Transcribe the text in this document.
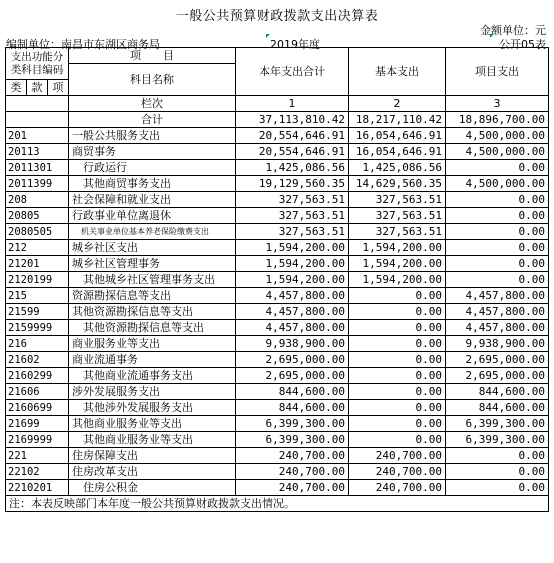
一般公共预算财政拨款支出决算表
金额单位：元
编制单位：南昌市东湖区商务局	2019年度	公开05表
支出功能分类科目编码			项　　目	本年支出合计	基本支出	项目支出
			科目名称			
类	款	项				
			栏次	1	2	3
			合计	37,113,810.42	18,217,110.42	18,896,700.00
201			一般公共服务支出	20,554,646.91	16,054,646.91	4,500,000.00
20113			商贸事务	20,554,646.91	16,054,646.91	4,500,000.00
2011301			行政运行	1,425,086.56	1,425,086.56	0.00
2011399			其他商贸事务支出	19,129,560.35	14,629,560.35	4,500,000.00
208			社会保障和就业支出	327,563.51	327,563.51	0.00
20805			行政事业单位离退休	327,563.51	327,563.51	0.00
2080505			机关事业单位基本养老保险缴费支出	327,563.51	327,563.51	0.00
212			城乡社区支出	1,594,200.00	1,594,200.00	0.00
21201			城乡社区管理事务	1,594,200.00	1,594,200.00	0.00
2120199			其他城乡社区管理事务支出	1,594,200.00	1,594,200.00	0.00
215			资源勘探信息等支出	4,457,800.00	0.00	4,457,800.00
21599			其他资源勘探信息等支出	4,457,800.00	0.00	4,457,800.00
2159999			其他资源勘探信息等支出	4,457,800.00	0.00	4,457,800.00
216			商业服务业等支出	9,938,900.00	0.00	9,938,900.00
21602			商业流通事务	2,695,000.00	0.00	2,695,000.00
2160299			其他商业流通事务支出	2,695,000.00	0.00	2,695,000.00
21606			涉外发展服务支出	844,600.00	0.00	844,600.00
2160699			其他涉外发展服务支出	844,600.00	0.00	844,600.00
21699			其他商业服务业等支出	6,399,300.00	0.00	6,399,300.00
2169999			其他商业服务业等支出	6,399,300.00	0.00	6,399,300.00
221			住房保障支出	240,700.00	240,700.00	0.00
22102			住房改革支出	240,700.00	240,700.00	0.00
2210201			住房公积金	240,700.00	240,700.00	0.00
注：本表反映部门本年度一般公共预算财政拨款支出情况。						
